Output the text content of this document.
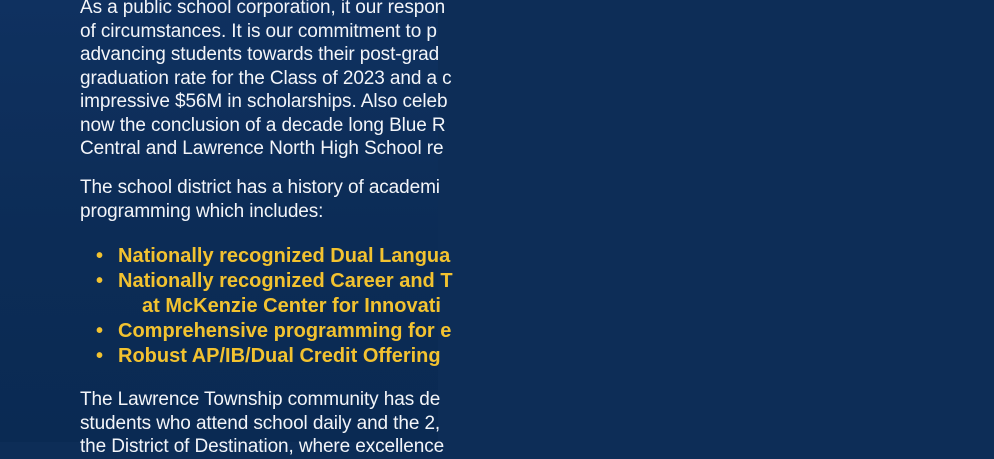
As a public school corporation, it our respon
of circumstances. It is our commitment to p
advancing students towards their post-grad
graduation rate for the Class of 2023 and a c
impressive $56M in scholarships. Also celeb
now the conclusion of a decade long Blue R
Central and Lawrence North High School re
The school district has a history of academi
programming which includes:
• Nationally recognized Dual Langua
• Nationally recognized Career and T
at McKenzie Center for Innovati
• Comprehensive programming for e
• Robust AP/IB/Dual Credit Offering
The Lawrence Township community has de
students who attend school daily and the 2,
the District of Destination, where excellence
